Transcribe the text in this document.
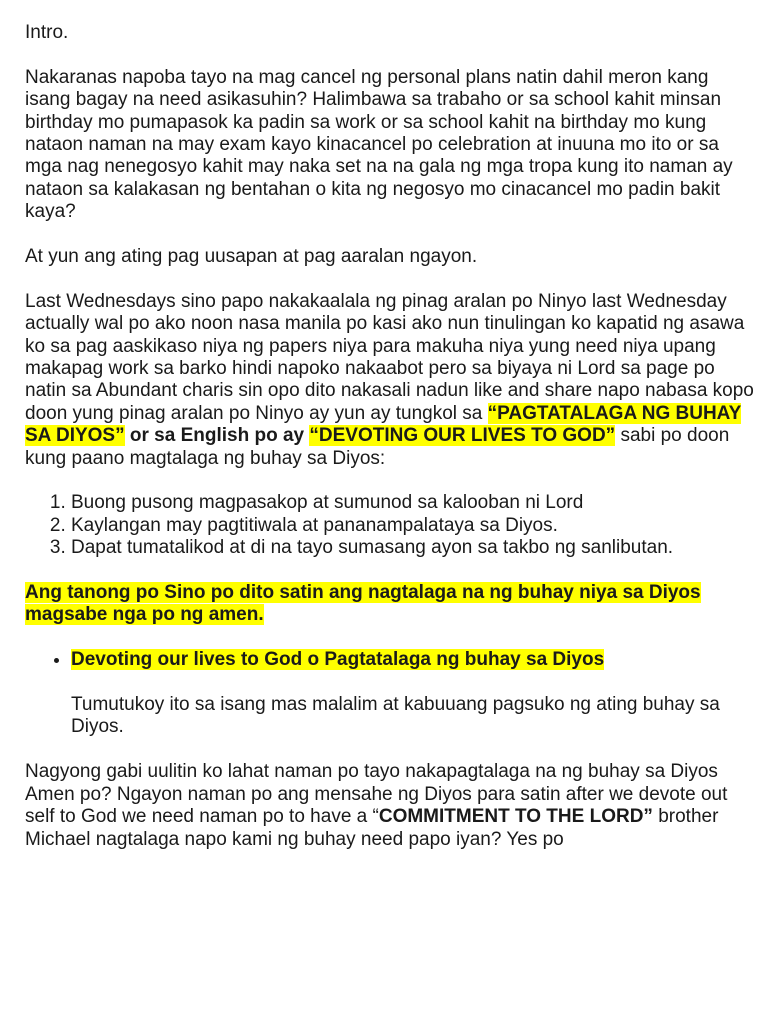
Intro.

Nakaranas napoba tayo na mag cancel ng personal plans natin dahil meron kang isang bagay na need asikasuhin? Halimbawa sa trabaho or sa school kahit minsan birthday mo pumapasok ka padin sa work or sa school kahit na birthday mo kung nataon naman na may exam kayo kinacancel po celebration at inuuna mo ito or sa mga nag nenegosyo kahit may naka set na na gala ng mga tropa kung ito naman ay nataon sa kalakasan ng bentahan o kita ng negosyo mo cinacancel mo padin bakit kaya?

At yun ang ating pag uusapan at pag aaralan ngayon.

Last Wednesdays sino papo nakakaalala ng pinag aralan po Ninyo last Wednesday actually wal po ako noon nasa manila po kasi ako nun tinulingan ko kapatid ng asawa ko sa pag aaskikaso niya ng papers niya para makuha niya yung need niya upang makapag work sa barko hindi napoko nakaabot pero sa biyaya ni Lord sa page po natin sa Abundant charis sin opo dito nakasali nadun like and share napo nabasa kopo doon yung pinag aralan po Ninyo ay yun ay tungkol sa “PAGTATALAGA NG BUHAY SA DIYOS” or sa English po ay “DEVOTING OUR LIVES TO GOD” sabi po doon kung paano magtalaga ng buhay sa Diyos:

1. Buong pusong magpasakop at sumunod sa kalooban ni Lord
2. Kaylangan may pagtitiwala at pananampalataya sa Diyos.
3. Dapat tumatalikod at di na tayo sumasang ayon sa takbo ng sanlibutan.

Ang tanong po Sino po dito satin ang nagtalaga na ng buhay niya sa Diyos magsabe nga po ng amen.

• Devoting our lives to God o Pagtatalaga ng buhay sa Diyos

Tumutukoy ito sa isang mas malalim at kabuuang pagsuko ng ating buhay sa Diyos.

Nagyong gabi uulitin ko lahat naman po tayo nakapagtalaga na ng buhay sa Diyos Amen po? Ngayon naman po ang mensahe ng Diyos para satin after we devote out self to God we need naman po to have a “COMMITMENT TO THE LORD” brother Michael nagtalaga napo kami ng buhay need papo iyan? Yes po
